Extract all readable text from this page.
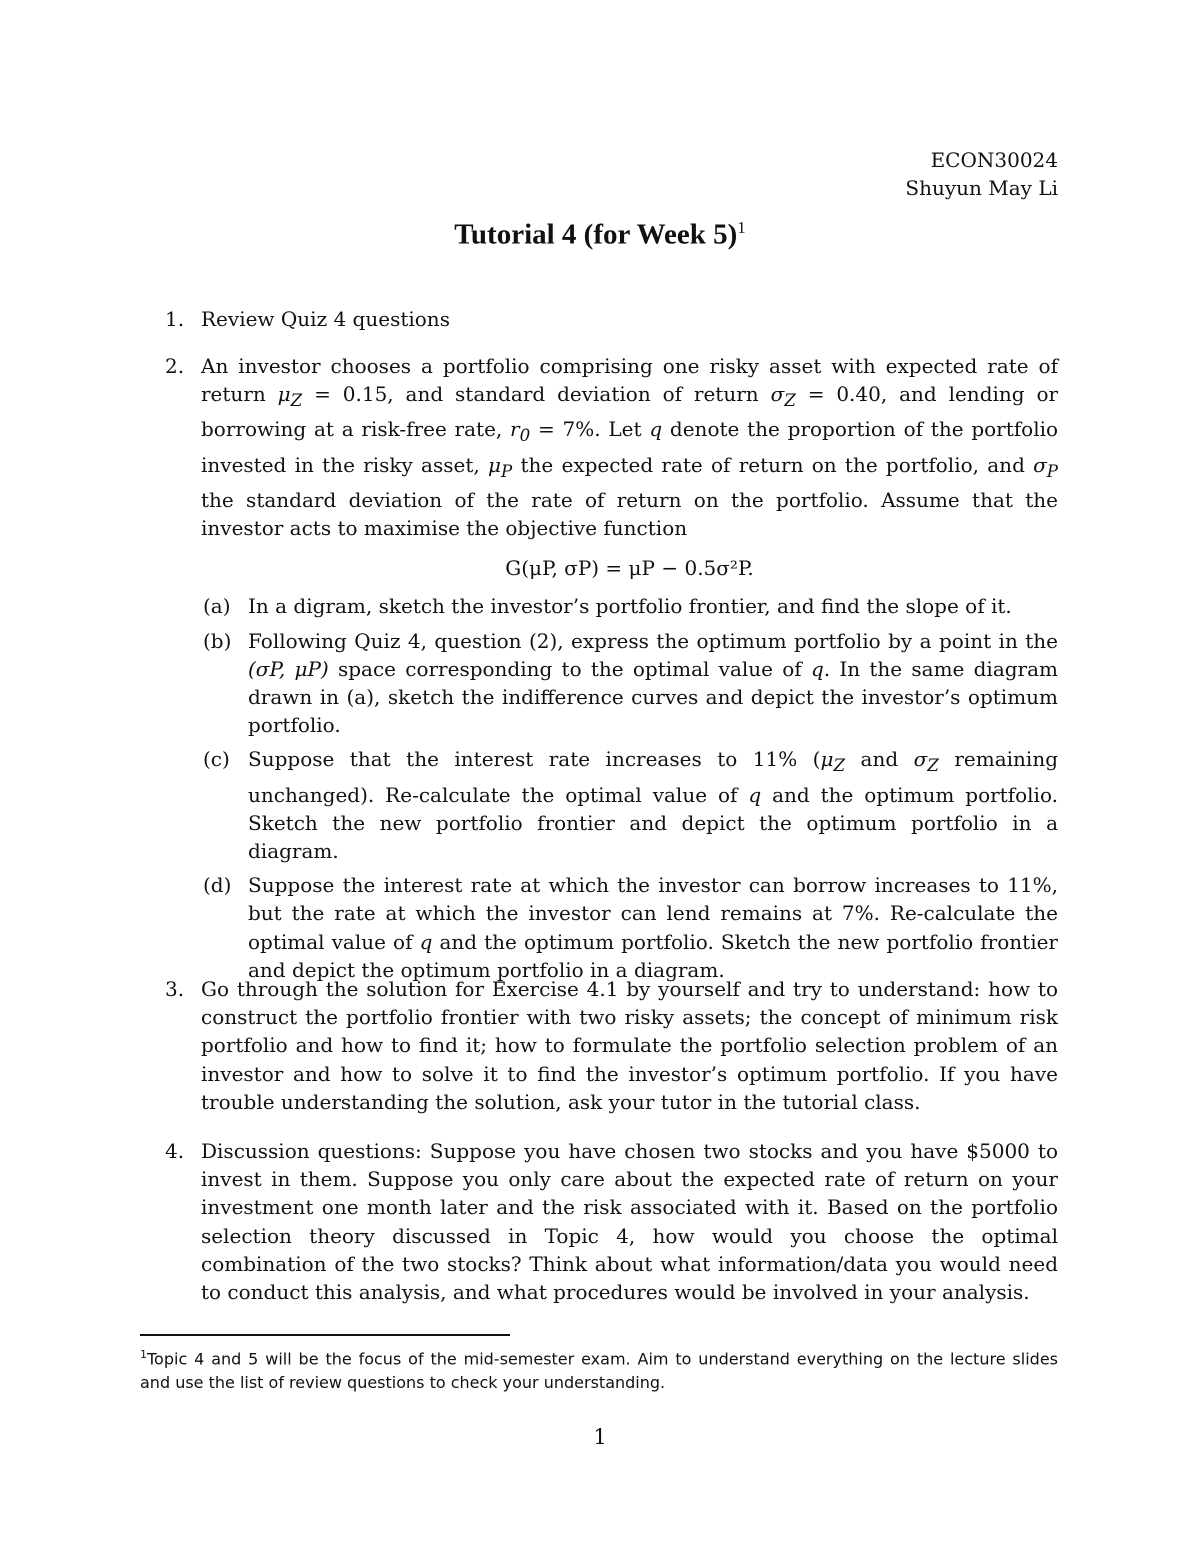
ECON30024
Shuyun May Li
Tutorial 4 (for Week 5)$^1$
1. Review Quiz 4 questions
2. An investor chooses a portfolio comprising one risky asset with expected rate of return $\mu_Z = 0.15$, and standard deviation of return $\sigma_Z = 0.40$, and lending or borrowing at a risk-free rate, $r_0 = 7\%$. Let q denote the proportion of the portfolio invested in the risky asset, $\mu_P$ the expected rate of return on the portfolio, and $\sigma_P$ the standard deviation of the rate of return on the portfolio. Assume that the investor acts to maximise the objective function
G(μP, σP) = μP − 0.5σ²P.
(a) In a digram, sketch the investor’s portfolio frontier, and find the slope of it.
(b) Following Quiz 4, question (2), express the optimum portfolio by a point in the (σP, μP) space corresponding to the optimal value of q. In the same diagram drawn in (a), sketch the indifference curves and depict the investor’s optimum portfolio.
(c) Suppose that the interest rate increases to 11% ($\mu_Z$ and $\sigma_Z$ remaining unchanged). Re-calculate the optimal value of q and the optimum portfolio. Sketch the new portfolio frontier and depict the optimum portfolio in a diagram.
(d) Suppose the interest rate at which the investor can borrow increases to 11%, but the rate at which the investor can lend remains at 7%. Re-calculate the optimal value of q and the optimum portfolio. Sketch the new portfolio frontier and depict the optimum portfolio in a diagram.
3. Go through the solution for Exercise 4.1 by yourself and try to understand: how to construct the portfolio frontier with two risky assets; the concept of minimum risk portfolio and how to find it; how to formulate the portfolio selection problem of an investor and how to solve it to find the investor’s optimum portfolio. If you have trouble understanding the solution, ask your tutor in the tutorial class.
4. Discussion questions: Suppose you have chosen two stocks and you have $5000 to invest in them. Suppose you only care about the expected rate of return on your investment one month later and the risk associated with it. Based on the portfolio selection theory discussed in Topic 4, how would you choose the optimal combination of the two stocks? Think about what information/data you would need to conduct this analysis, and what procedures would be involved in your analysis.
$^1$Topic 4 and 5 will be the focus of the mid-semester exam. Aim to understand everything on the lecture slides and use the list of review questions to check your understanding.
1
